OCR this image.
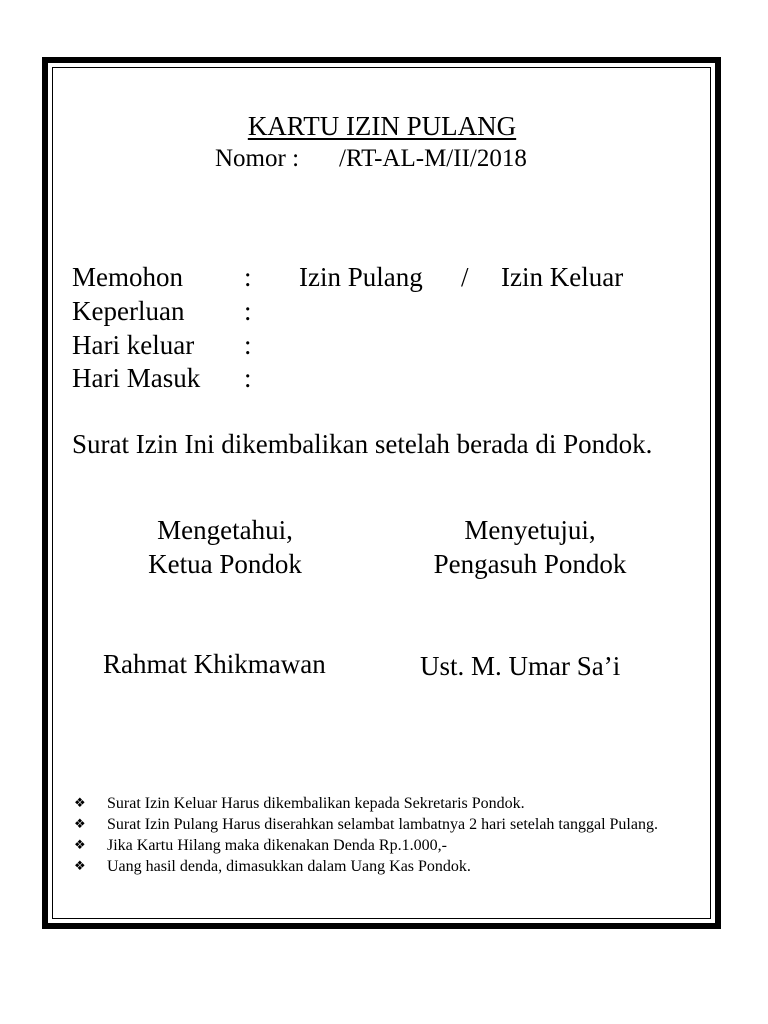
KARTU IZIN PULANG
Nomor : /RT-AL-M/II/2018
Memohon : Izin Pulang / Izin Keluar
Keperluan :
Hari keluar :
Hari Masuk :
Surat Izin Ini dikembalikan setelah berada di Pondok.
Mengetahui,
Ketua Pondok
Rahmat Khikmawan
Menyetujui,
Pengasuh Pondok
Ust. M. Umar Sa’i
❖ Surat Izin Keluar Harus dikembalikan kepada Sekretaris Pondok.
❖ Surat Izin Pulang Harus diserahkan selambat lambatnya 2 hari setelah tanggal Pulang.
❖ Jika Kartu Hilang maka dikenakan Denda Rp.1.000,-
❖ Uang hasil denda, dimasukkan dalam Uang Kas Pondok.
